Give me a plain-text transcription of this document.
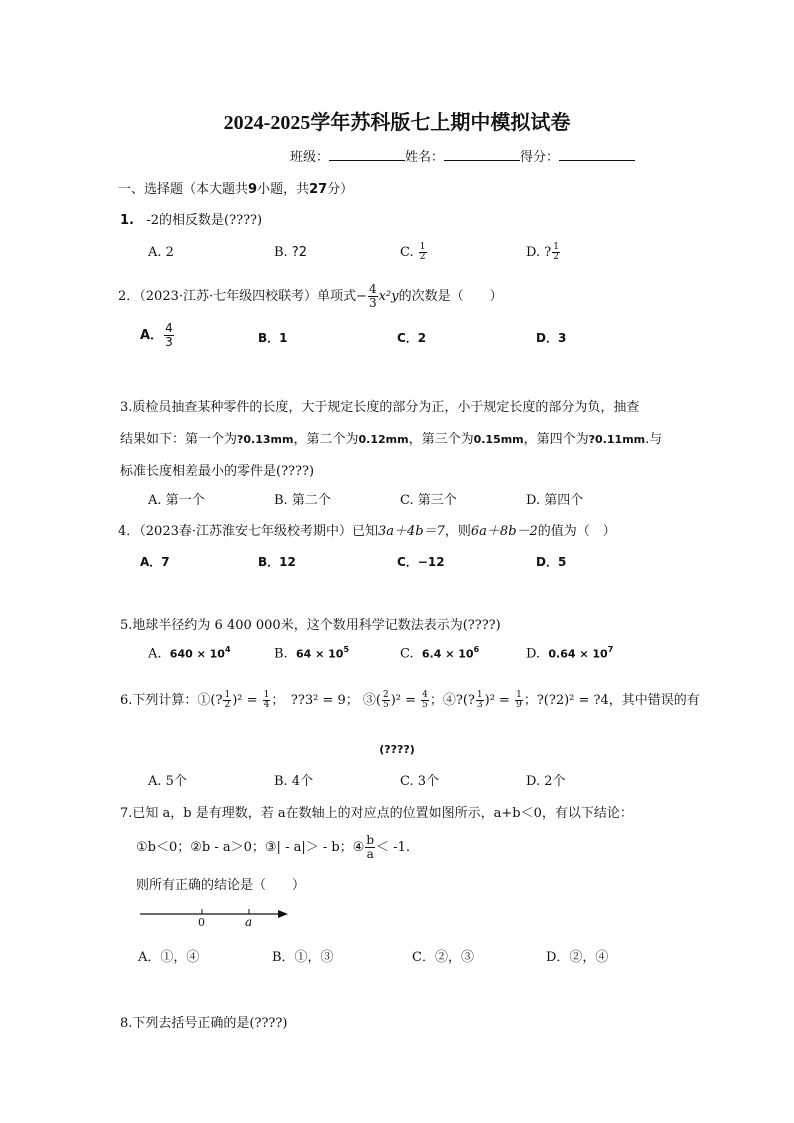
2024-2025学年苏科版七上期中模拟试卷
班级：	姓名：	得分：
一、选择题（本大题共9小题，共27分）
1. -2的相反数是(????)
A. 2	B. ?2	C. $\frac{1}{2}$	D. ? $\frac{1}{2}$
2．（2023·江苏·七年级四校联考）单项式− $\frac{4}{3} x^2y$的次数是（　　）
A． $\frac{4}{3}$	B．1	C．2	D．3
3.质检员抽查某种零件的长度，大于规定长度的部分为正，小于规定长度的部分为负，抽查
结果如下：第一个为?0.13mm，第二个为0.12mm，第三个为0.15mm，第四个为?0.11mm.与
标准长度相差最小的零件是(????)
A. 第一个	B. 第二个	C. 第三个	D. 第四个
4．（2023春·江苏淮安七年级校考期中）已知3a＋4b＝7，则6a＋8b－2的值为（　）
A．7	B．12	C．−12	D．5
5.地球半径约为 6 400 000米，这个数用科学记数法表示为(????)
A. $640 \times 10^4$	B. $64 \times 10^5$	C. $6.4 \times 10^6$	D. $0.64 \times 10^7$
6.下列计算：①(? $\frac{1}{2} )^2 = \frac{1}{4}$ ；　??3² = 9； ③( $\frac{2}{5} )^2 = \frac{4}{5}$ ；④?(? $\frac{1}{3} )^2 = \frac{1}{9}$ ；?(?2)² = ?4，其中错误的有
(????)
A. 5个	B. 4个	C. 3个	D. 2个
7.已知 a，b 是有理数，若 a在数轴上的对应点的位置如图所示，a+b＜0，有以下结论：
①b＜0；②b - a＞0；③| - a|＞ - b；④ $\frac{b}{a} < -1$.
则所有正确的结论是（　　）
0	a
A．①，④	B．①，③	C．②，③	D．②，④
8.下列去括号正确的是(????)
